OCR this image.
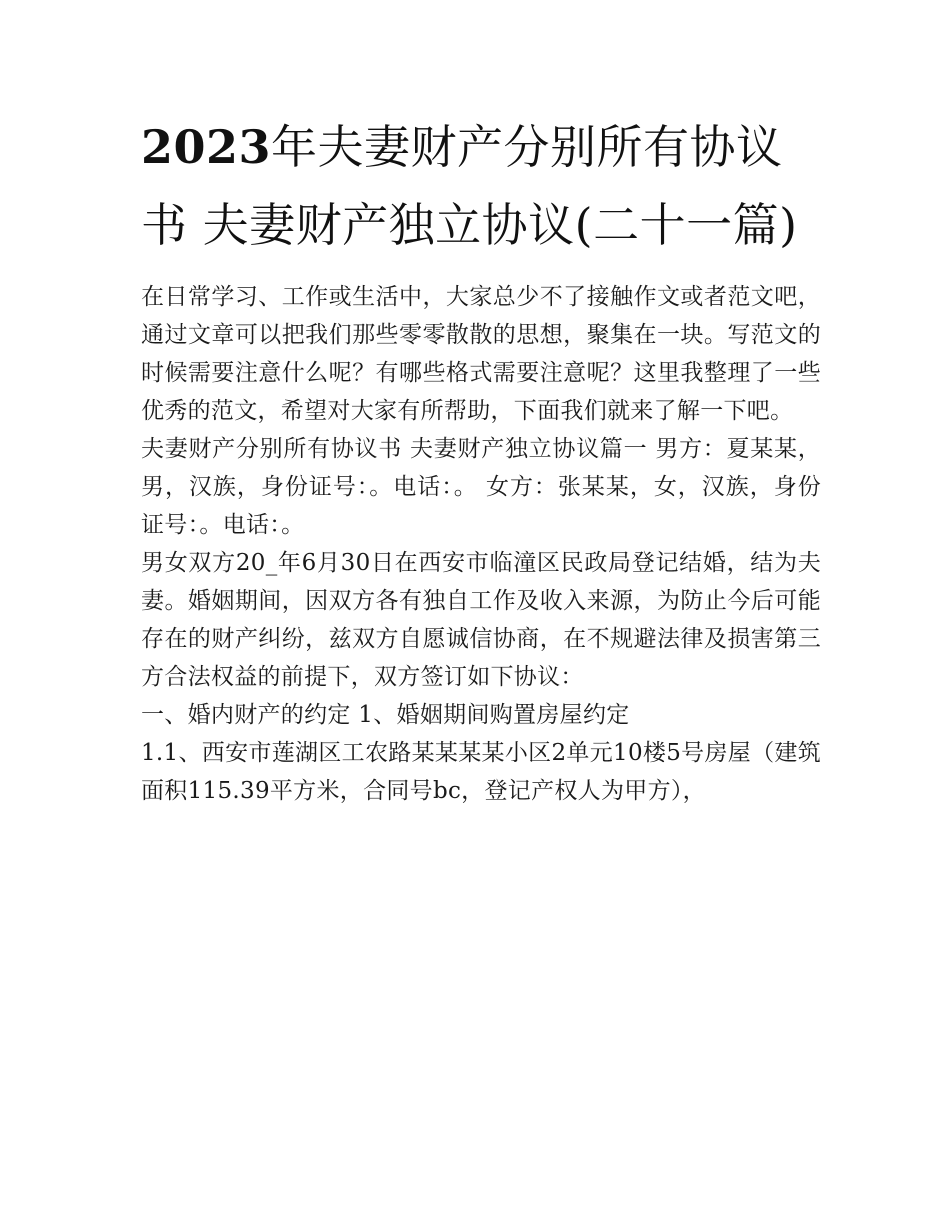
2023年夫妻财产分别所有协议书 夫妻财产独立协议(二十一篇)

在日常学习、工作或生活中，大家总少不了接触作文或者范文吧，通过文章可以把我们那些零零散散的思想，聚集在一块。写范文的时候需要注意什么呢？有哪些格式需要注意呢？这里我整理了一些优秀的范文，希望对大家有所帮助，下面我们就来了解一下吧。

夫妻财产分别所有协议书 夫妻财产独立协议篇一 男方：夏某某，男，汉族，身份证号：。电话：。 女方：张某某，女，汉族，身份证号：。电话：。

男女双方20_年6月30日在西安市临潼区民政局登记结婚，结为夫妻。婚姻期间，因双方各有独自工作及收入来源，为防止今后可能存在的财产纠纷，兹双方自愿诚信协商，在不规避法律及损害第三方合法权益的前提下，双方签订如下协议：

一、婚内财产的约定 1、婚姻期间购置房屋约定

1.1、西安市莲湖区工农路某某某某小区2单元10楼5号房屋（建筑面积115.39平方米，合同号bc，登记产权人为甲方），
